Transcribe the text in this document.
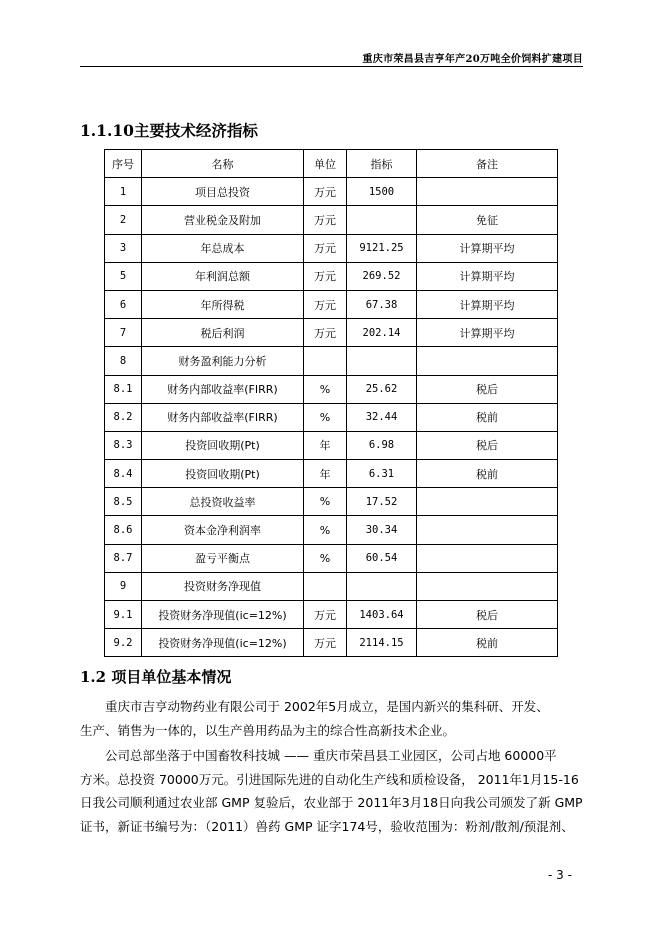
重庆市荣昌县吉亨年产20万吨全价饲料扩建项目
1.1.10主要技术经济指标
序号	名称	单位	指标	备注
1	项目总投资	万元	1500	
2	营业税金及附加	万元		免征
3	年总成本	万元	9121.25	计算期平均
5	年利润总额	万元	269.52	计算期平均
6	年所得税	万元	67.38	计算期平均
7	税后利润	万元	202.14	计算期平均
8	财务盈利能力分析			
8.1	财务内部收益率(FIRR)	%	25.62	税后
8.2	财务内部收益率(FIRR)	%	32.44	税前
8.3	投资回收期(Pt)	年	6.98	税后
8.4	投资回收期(Pt)	年	6.31	税前
8.5	总投资收益率	%	17.52	
8.6	资本金净利润率	%	30.34	
8.7	盈亏平衡点	%	60.54	
9	投资财务净现值			
9.1	投资财务净现值(ic=12%)	万元	1403.64	税后
9.2	投资财务净现值(ic=12%)	万元	2114.15	税前
1.2 项目单位基本情况
重庆市吉亨动物药业有限公司于 2002年5月成立，是国内新兴的集科研、开发、
生产、销售为一体的，以生产兽用药品为主的综合性高新技术企业。
公司总部坐落于中国畜牧科技城 —— 重庆市荣昌县工业园区，公司占地 60000平
方米。总投资 70000万元。引进国际先进的自动化生产线和质检设备， 2011年1月15-16
日我公司顺利通过农业部 GMP 复验后，农业部于 2011年3月18日向我公司颁发了新 GMP
证书，新证书编号为：（2011）兽药 GMP 证字174号，验收范围为：粉剂/散剂/预混剂、
- 3 -
